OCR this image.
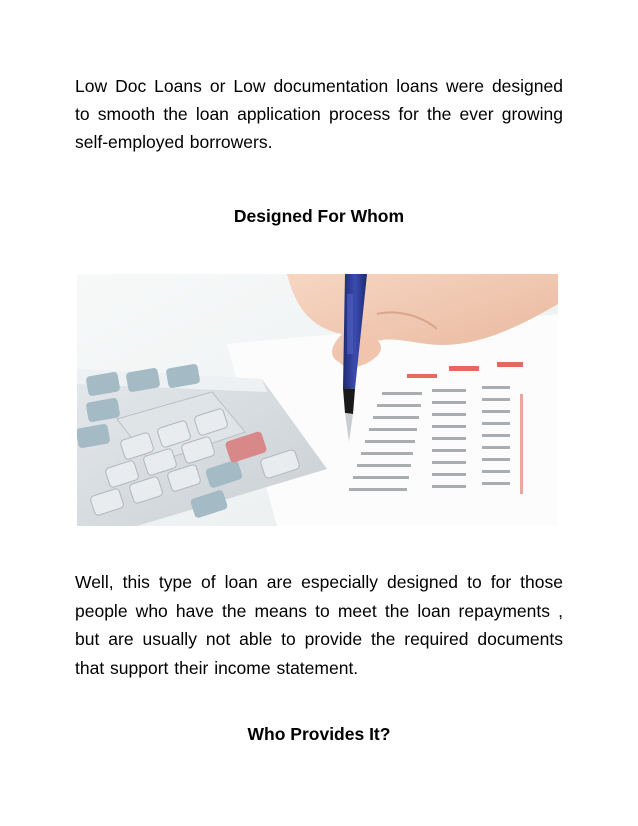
Low Doc Loans or Low documentation loans were designed to smooth the loan application process for the ever growing self-employed borrowers.

Designed For Whom

Well, this type of loan are especially designed to for those people who have the means to meet the loan repayments , but are usually not able to provide the required documents that support their income statement.

Who Provides It?
